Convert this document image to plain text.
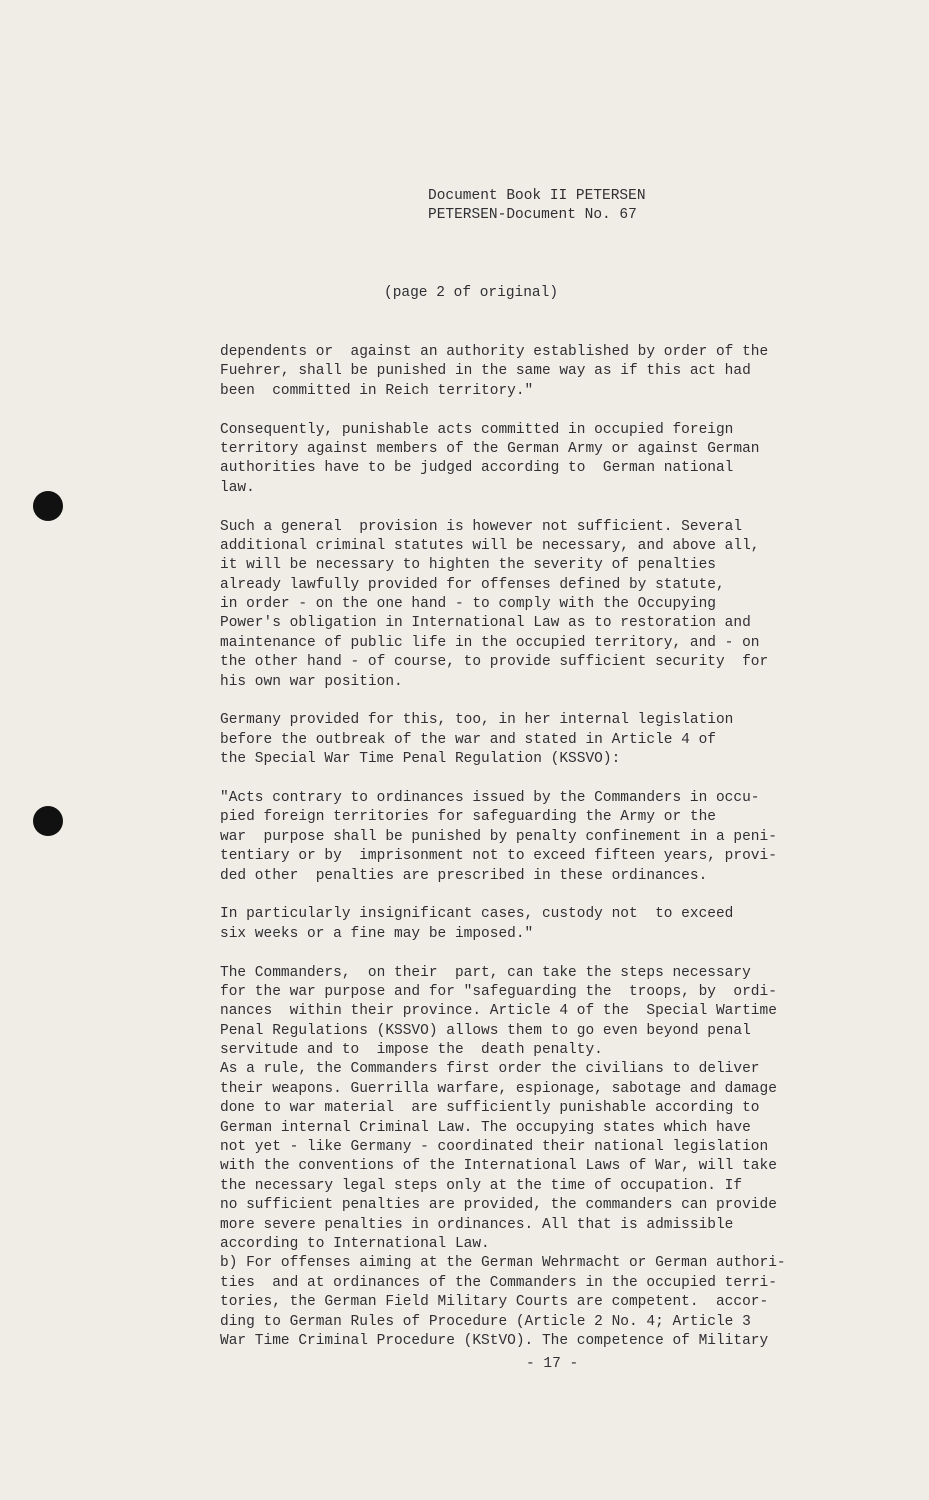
Document Book II PETERSEN
PETERSEN-Document No. 67
(page 2 of original)
dependents or  against an authority established by order of the
Fuehrer, shall be punished in the same way as if this act had
been  committed in Reich territory."
Consequently, punishable acts committed in occupied foreign
territory against members of the German Army or against German
authorities have to be judged according to  German national
law.
Such a general  provision is however not sufficient. Several
additional criminal statutes will be necessary, and above all,
it will be necessary to highten the severity of penalties
already lawfully provided for offenses defined by statute,
in order - on the one hand - to comply with the Occupying
Power's obligation in International Law as to restoration and
maintenance of public life in the occupied territory, and - on
the other hand - of course, to provide sufficient security  for
his own war position.
Germany provided for this, too, in her internal legislation
before the outbreak of the war and stated in Article 4 of
the Special War Time Penal Regulation (KSSVO):
"Acts contrary to ordinances issued by the Commanders in occu-
pied foreign territories for safeguarding the Army or the
war  purpose shall be punished by penalty confinement in a peni-
tentiary or by  imprisonment not to exceed fifteen years, provi-
ded other  penalties are prescribed in these ordinances.
In particularly insignificant cases, custody not  to exceed
six weeks or a fine may be imposed."
The Commanders,  on their  part, can take the steps necessary
for the war purpose and for "safeguarding the  troops, by  ordi-
nances  within their province. Article 4 of the  Special Wartime
Penal Regulations (KSSVO) allows them to go even beyond penal
servitude and to  impose the  death penalty.
As a rule, the Commanders first order the civilians to deliver
their weapons. Guerrilla warfare, espionage, sabotage and damage
done to war material  are sufficiently punishable according to
German internal Criminal Law. The occupying states which have
not yet - like Germany - coordinated their national legislation
with the conventions of the International Laws of War, will take
the necessary legal steps only at the time of occupation. If
no sufficient penalties are provided, the commanders can provide
more severe penalties in ordinances. All that is admissible
according to International Law.
b) For offenses aiming at the German Wehrmacht or German authori-
ties  and at ordinances of the Commanders in the occupied terri-
tories, the German Field Military Courts are competent.  accor-
ding to German Rules of Procedure (Article 2 No. 4; Article 3
War Time Criminal Procedure (KStVO). The competence of Military
- 17 -
